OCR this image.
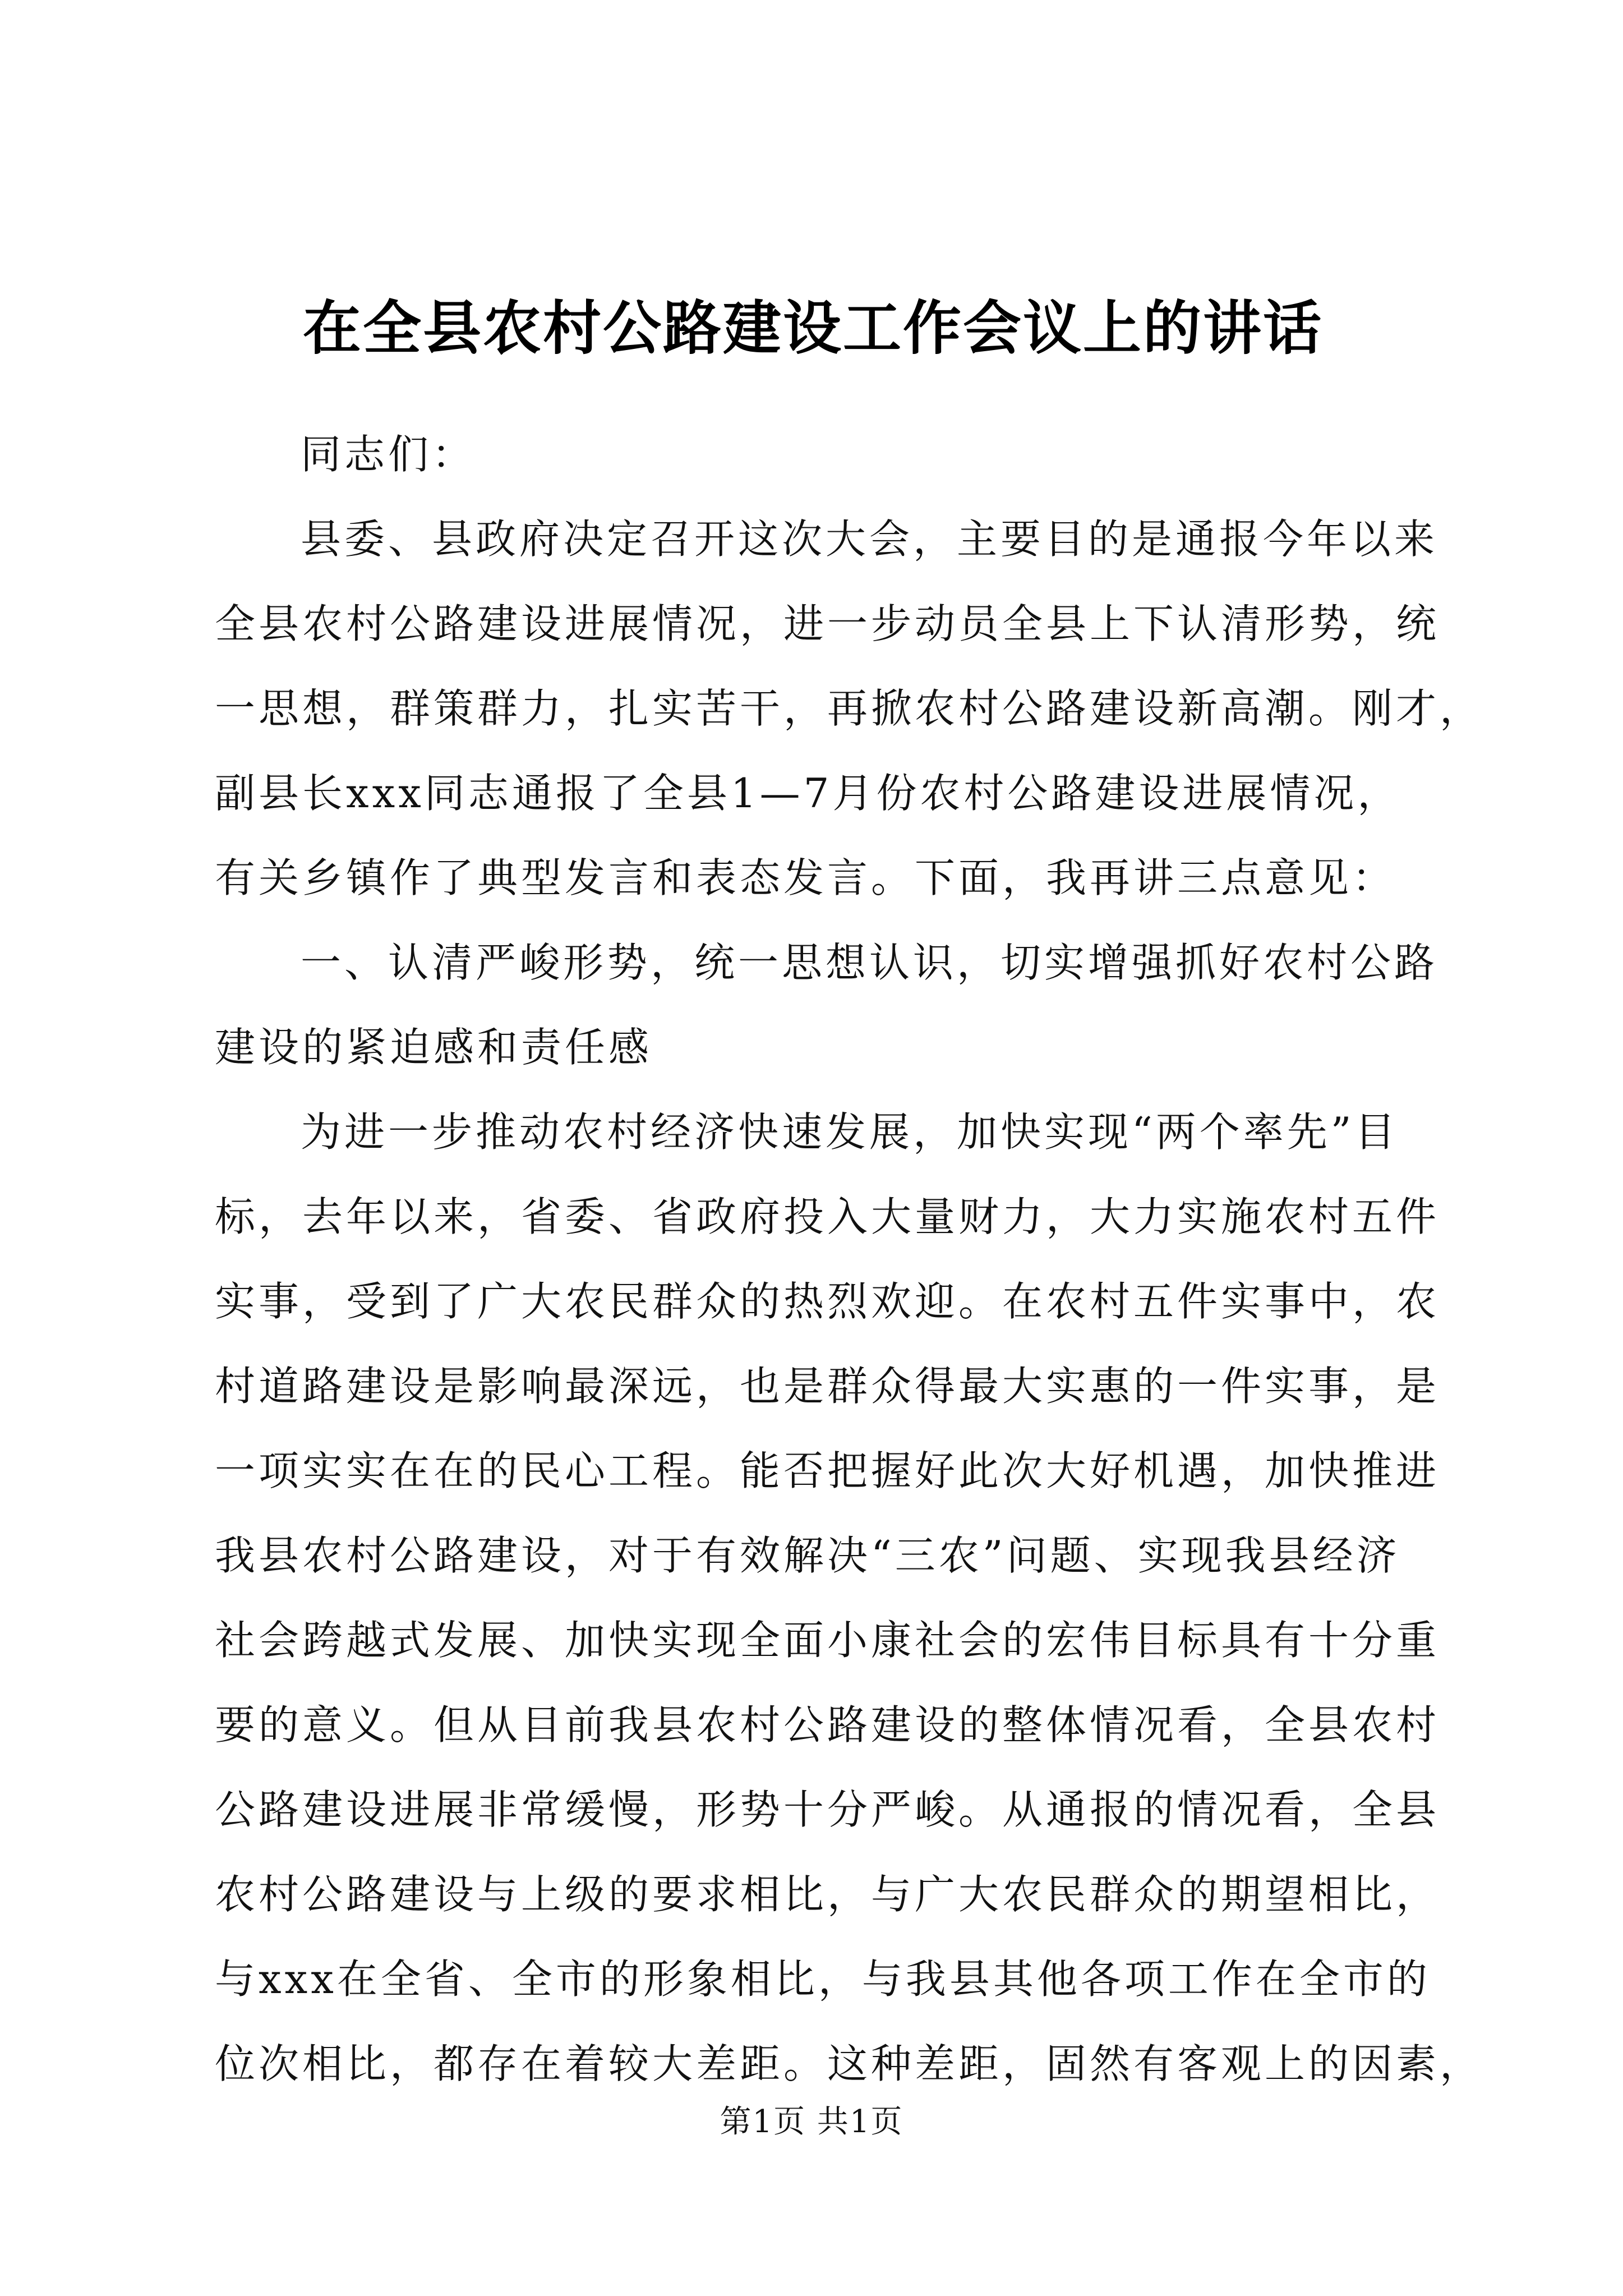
在全县农村公路建设工作会议上的讲话
同志们：
县委、县政府决定召开这次大会，主要目的是通报今年以来
全县农村公路建设进展情况，进一步动员全县上下认清形势，统
一思想，群策群力，扎实苦干，再掀农村公路建设新高潮。刚才，
副县长xxx同志通报了全县1—7月份农村公路建设进展情况，
有关乡镇作了典型发言和表态发言。下面，我再讲三点意见：
一、认清严峻形势，统一思想认识，切实增强抓好农村公路
建设的紧迫感和责任感
为进一步推动农村经济快速发展，加快实现“两个率先”目
标，去年以来，省委、省政府投入大量财力，大力实施农村五件
实事，受到了广大农民群众的热烈欢迎。在农村五件实事中，农
村道路建设是影响最深远，也是群众得最大实惠的一件实事，是
一项实实在在的民心工程。能否把握好此次大好机遇，加快推进
我县农村公路建设，对于有效解决“三农”问题、实现我县经济
社会跨越式发展、加快实现全面小康社会的宏伟目标具有十分重
要的意义。但从目前我县农村公路建设的整体情况看，全县农村
公路建设进展非常缓慢，形势十分严峻。从通报的情况看，全县
农村公路建设与上级的要求相比，与广大农民群众的期望相比，
与xxx在全省、全市的形象相比，与我县其他各项工作在全市的
位次相比，都存在着较大差距。这种差距，固然有客观上的因素，
第1页 共1页
